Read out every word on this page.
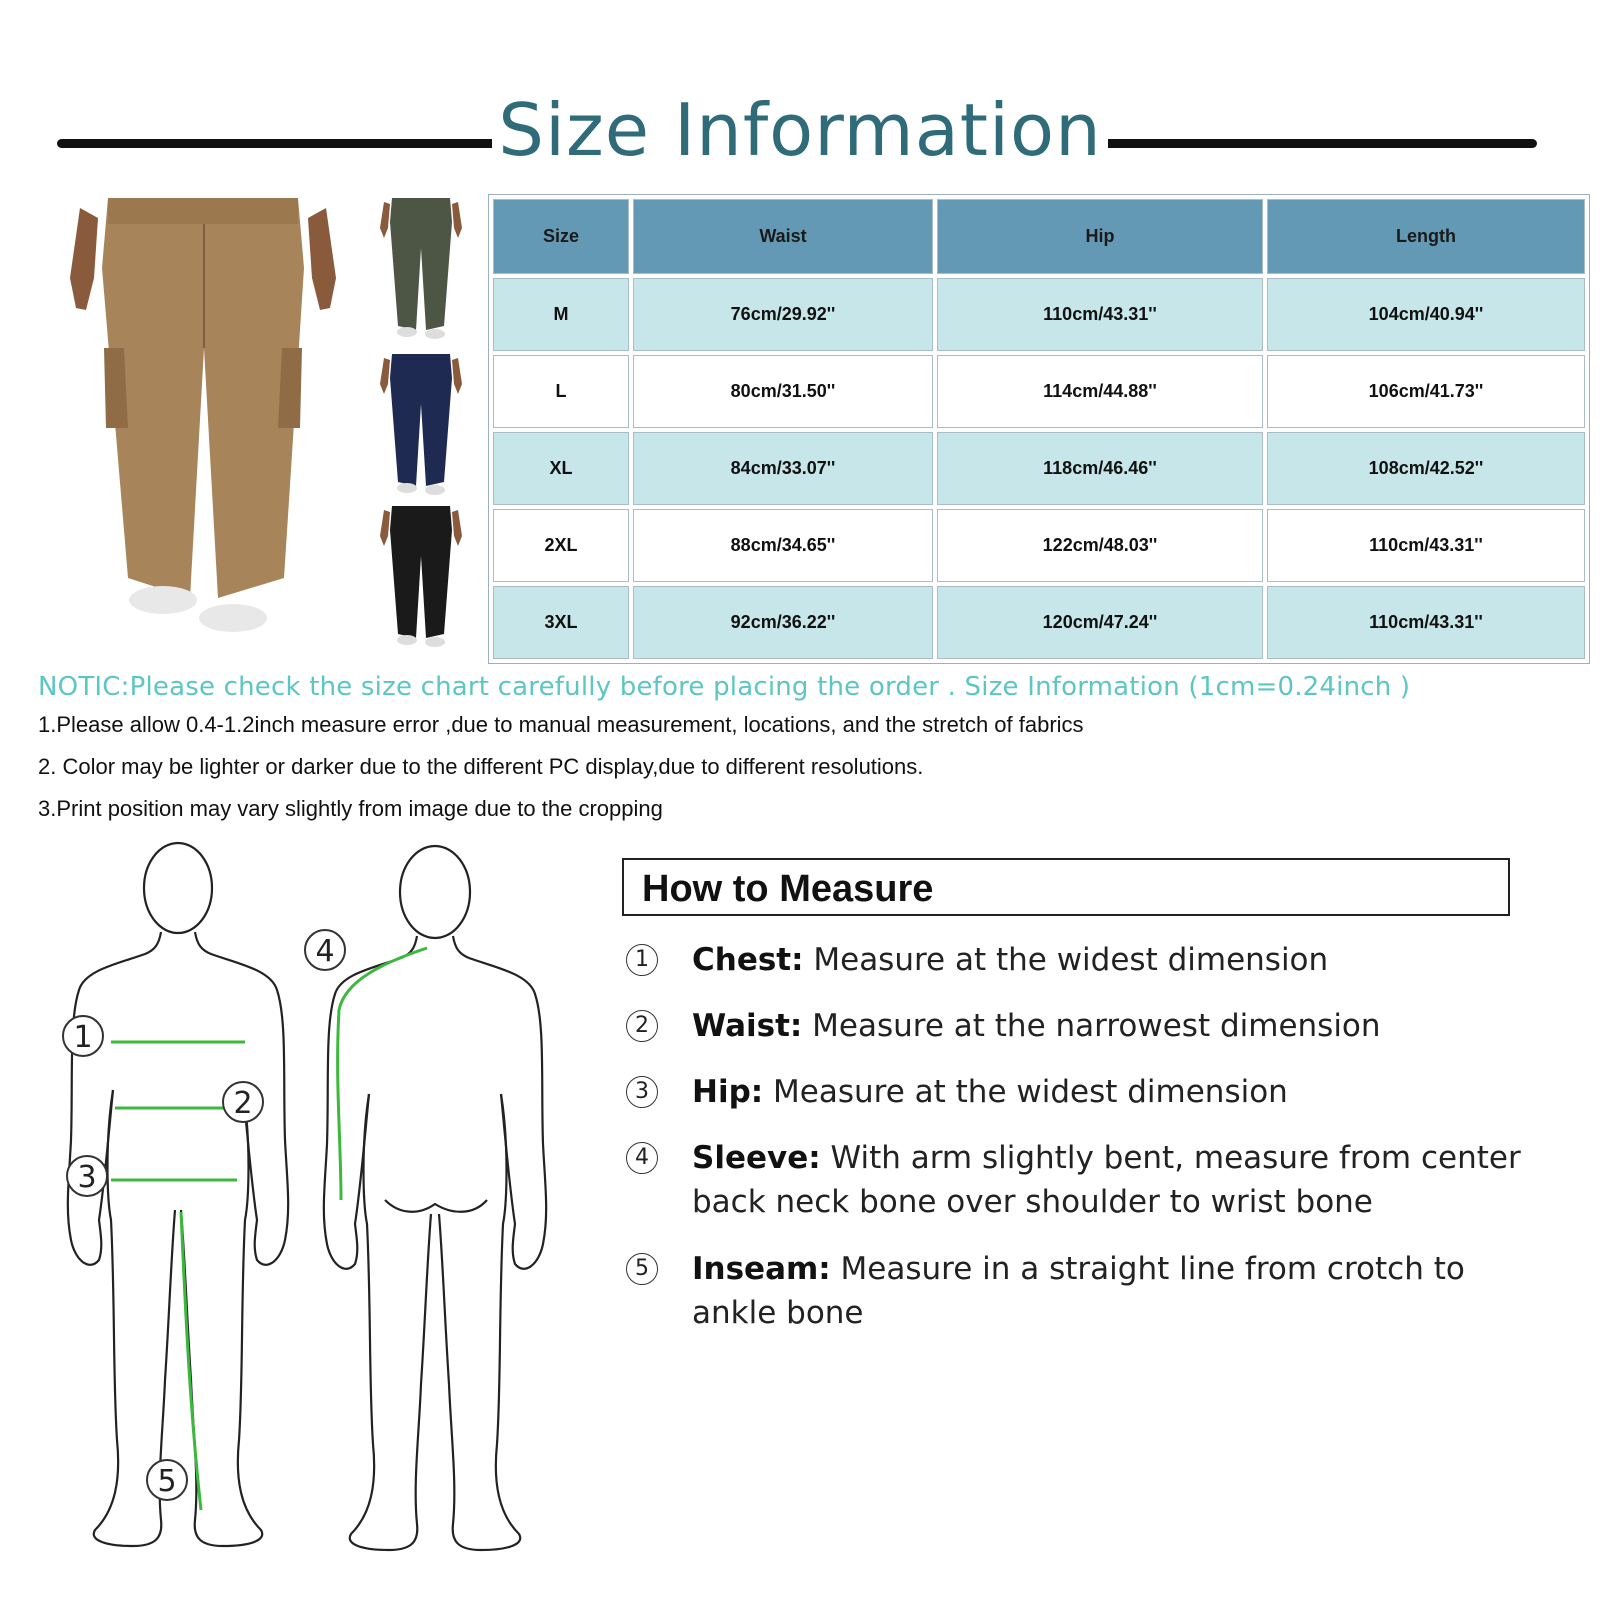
Size Information
Size	Waist	Hip	Length
M	76cm/29.92''	110cm/43.31''	104cm/40.94''
L	80cm/31.50''	114cm/44.88''	106cm/41.73''
XL	84cm/33.07''	118cm/46.46''	108cm/42.52''
2XL	88cm/34.65''	122cm/48.03''	110cm/43.31''
3XL	92cm/36.22''	120cm/47.24''	110cm/43.31''
NOTIC:Please check the size chart carefully before placing the order . Size Information (1cm=0.24inch )
1.Please allow 0.4-1.2inch measure error ,due to manual measurement, locations, and the stretch of fabrics
2. Color may be lighter or darker due to the different PC display,due to different resolutions.
3.Print position may vary slightly from image due to the cropping
1
2
3
4
5
How to Measure
1 Chest: Measure at the widest dimension
2 Waist: Measure at the narrowest dimension
3 Hip: Measure at the widest dimension
4 Sleeve: With arm slightly bent, measure from center back neck bone over shoulder to wrist bone
5 Inseam: Measure in a straight line from crotch to ankle bone
